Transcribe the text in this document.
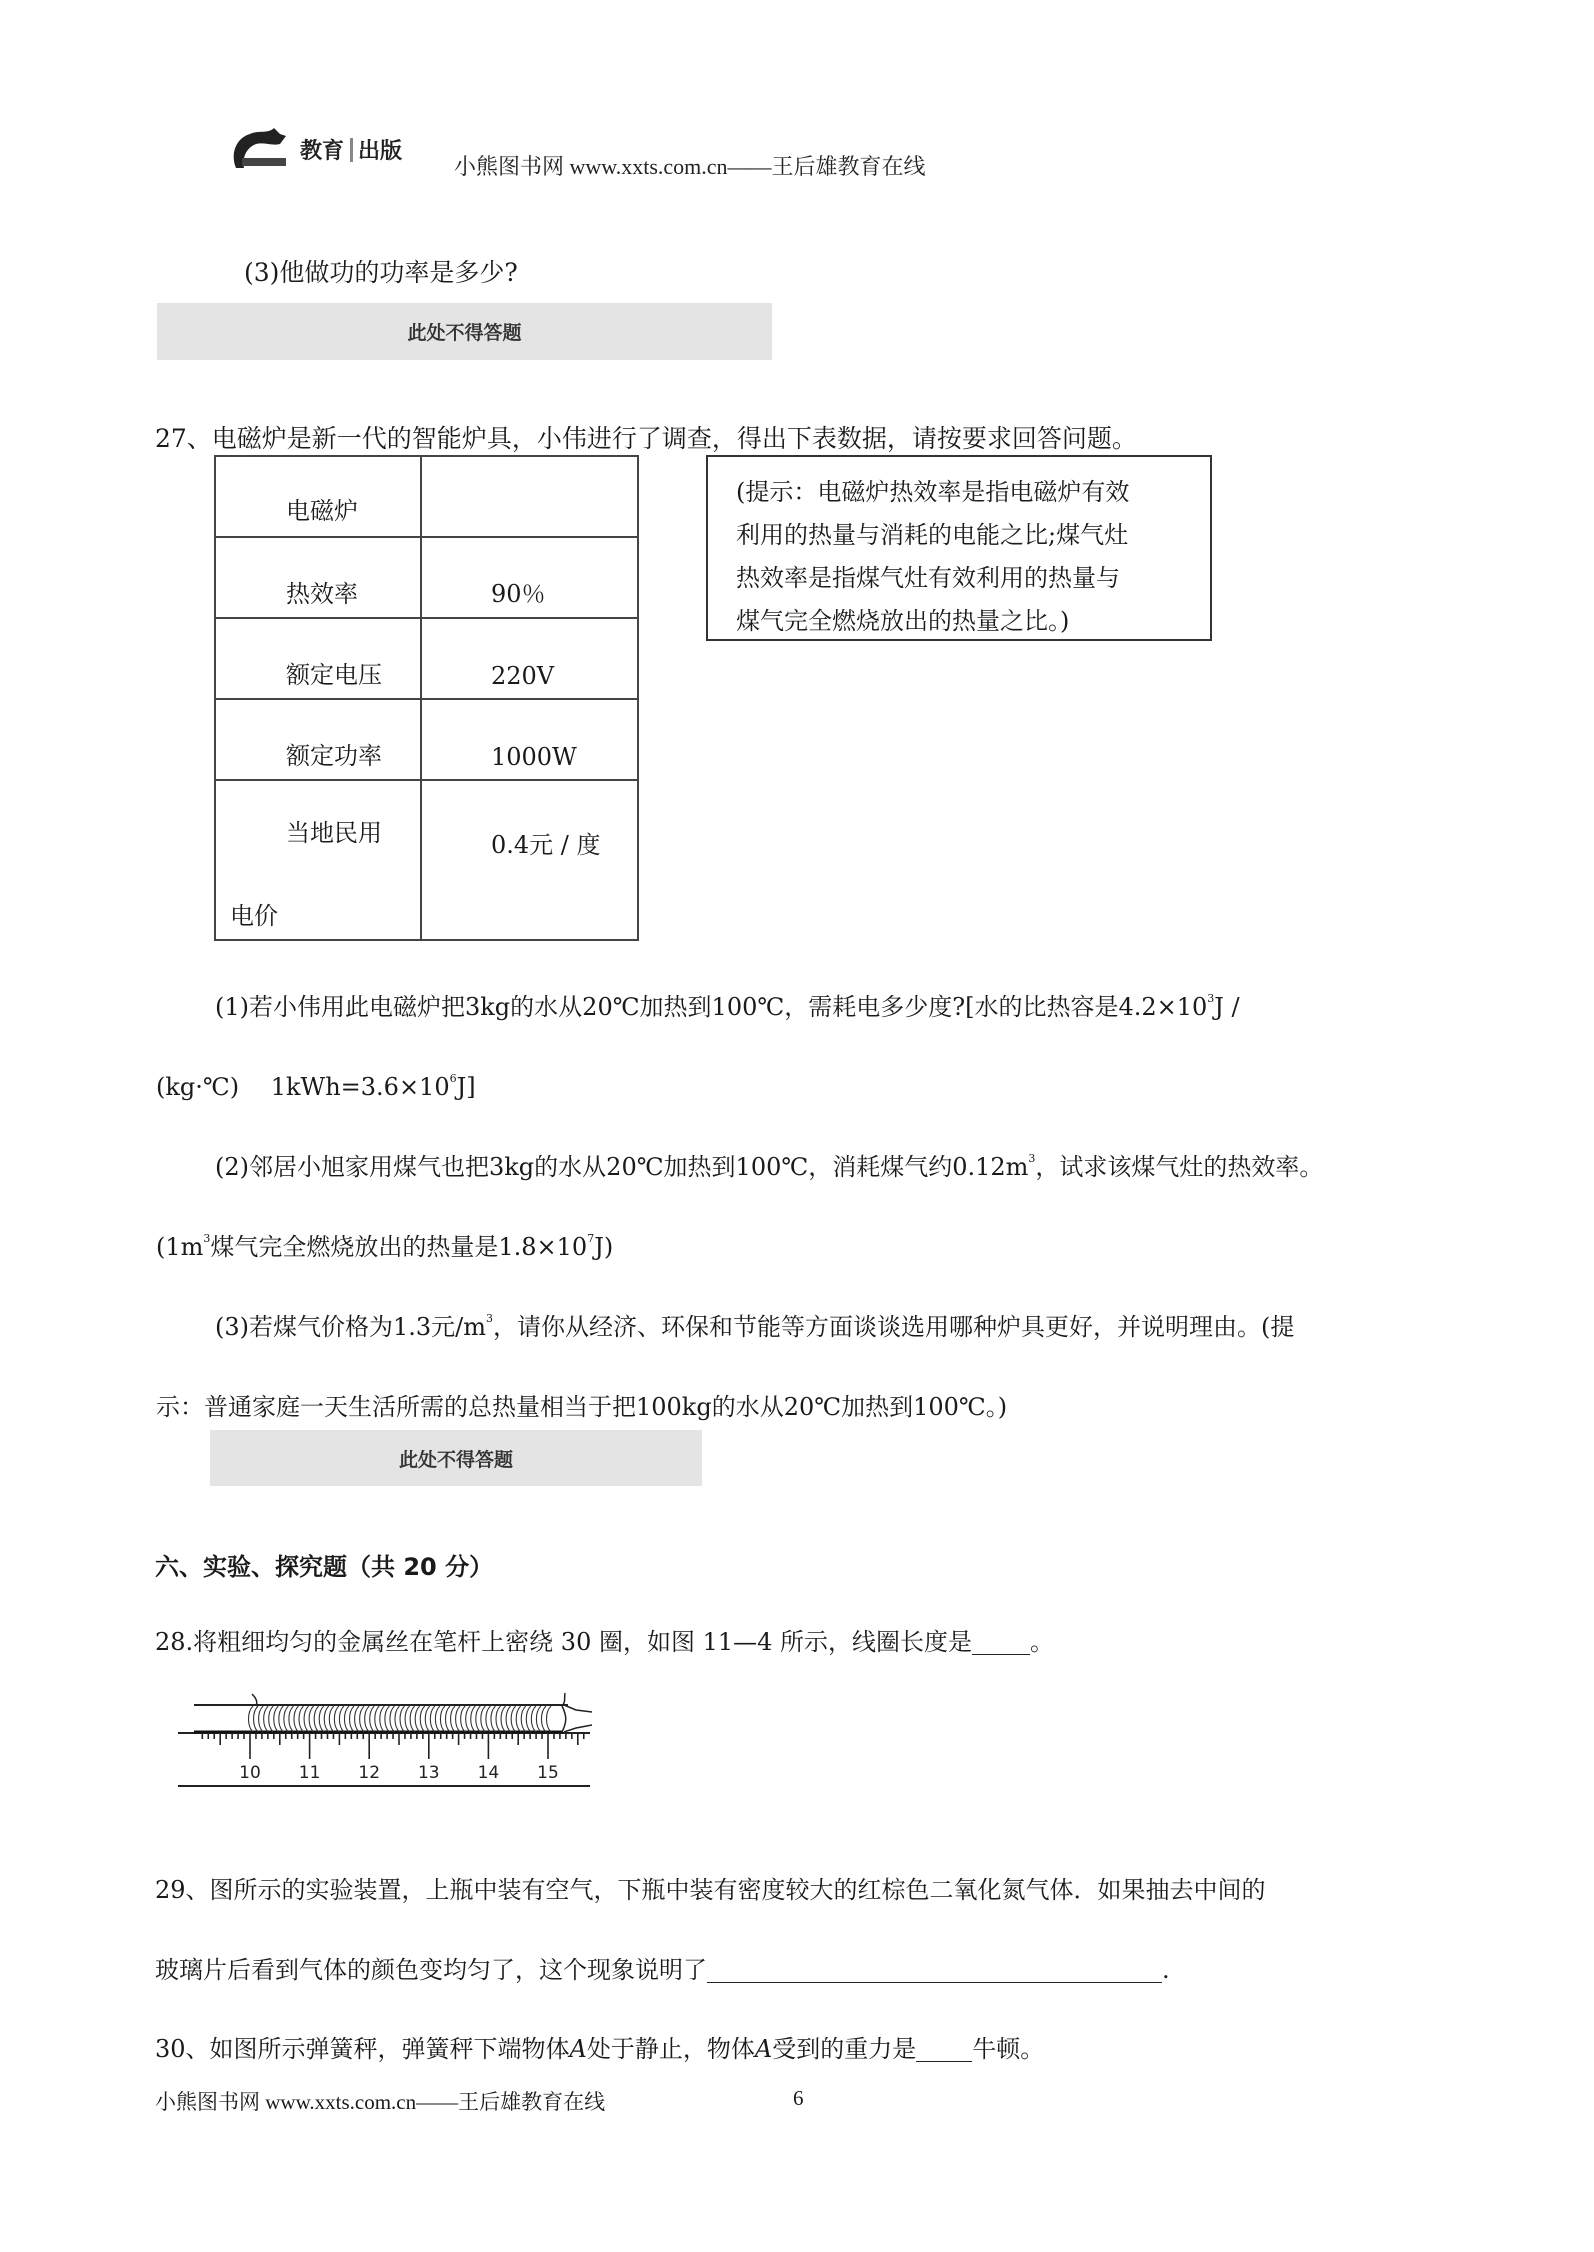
教育 出版
小熊图书网 www.xxts.com.cn——王后雄教育在线
(3)他做功的功率是多少?
此处不得答题
27、电磁炉是新一代的智能炉具，小伟进行了调查，得出下表数据，请按要求回答问题。
电磁炉	

热效率	90％

额定电压	220V

额定功率	1000W

当地民用
电价	0.4元 / 度
(提示：电磁炉热效率是指电磁炉有效
利用的热量与消耗的电能之比;煤气灶
热效率是指煤气灶有效利用的热量与
煤气完全燃烧放出的热量之比。)
(1)若小伟用此电磁炉把3kg的水从20℃加热到100℃，需耗电多少度?[水的比热容是$4.2\times 10^3J$ /
(kg·℃)　 $1kWh=3.6\times 10^6J$]
(2)邻居小旭家用煤气也把3kg的水从20℃加热到100℃，消耗煤气约$0.12m^3$，试求该煤气灶的热效率。
($1m^3$煤气完全燃烧放出的热量是$1.8\times 10^7J$)
(3)若煤气价格为1.3元$/m^3$，请你从经济、环保和节能等方面谈谈选用哪种炉具更好，并说明理由。(提
示：普通家庭一天生活所需的总热量相当于把100kg的水从20℃加热到100℃。)
此处不得答题
六、实验、探究题（共 20 分）
28.将粗细均匀的金属丝在笔杆上密绕 30 圈，如图 11—4 所示，线圈长度是 。
10 11 12 13 14 15
29、图所示的实验装置，上瓶中装有空气，下瓶中装有密度较大的红棕色二氧化氮气体．如果抽去中间的
玻璃片后看到气体的颜色变均匀了，这个现象说明了	.
30、如图所示弹簧秤，弹簧秤下端物体A处于静止，物体A受到的重力是 牛顿。
小熊图书网 www.xxts.com.cn——王后雄教育在线	6
